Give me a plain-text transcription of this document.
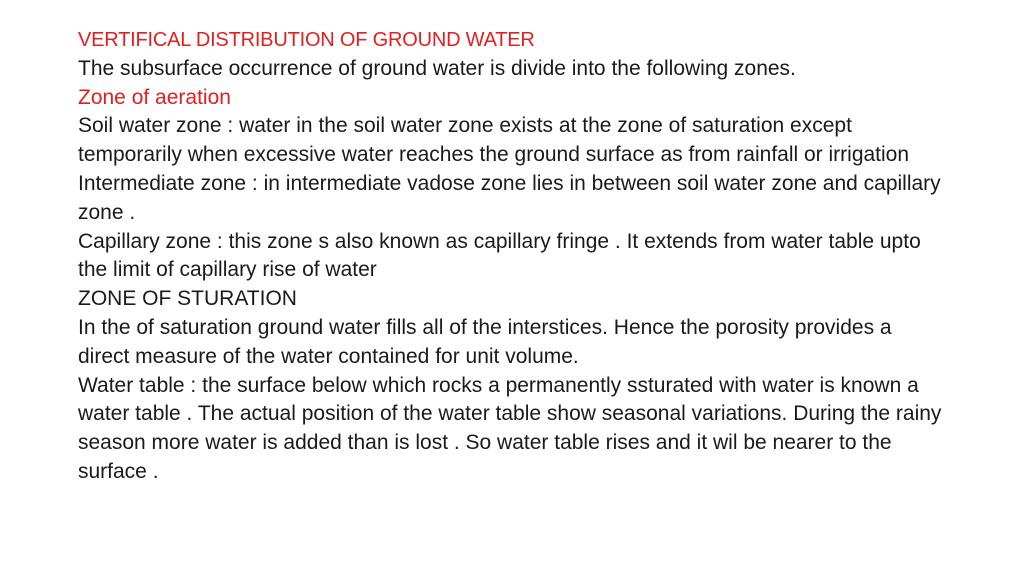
VERTIFICAL DISTRIBUTION OF GROUND WATER

The subsurface occurrence of ground water is divide into the following zones.

Zone of aeration

Soil water zone : water in the soil water zone exists at the zone of saturation except temporarily when excessive water reaches the ground surface as from rainfall or irrigation

Intermediate zone : in intermediate vadose zone lies in between soil water zone and capillary zone .

Capillary zone : this zone s also known as capillary fringe . It extends from water table upto the limit of capillary rise of water

ZONE OF STURATION

In the of saturation ground water fills all of the interstices. Hence the porosity provides a direct measure of the water contained for unit volume.

Water table : the surface below which rocks a permanently ssturated with water is known a water table . The actual position of the water table show seasonal variations. During the rainy season more water is added than is lost . So water table rises and it wil be nearer to the surface .
